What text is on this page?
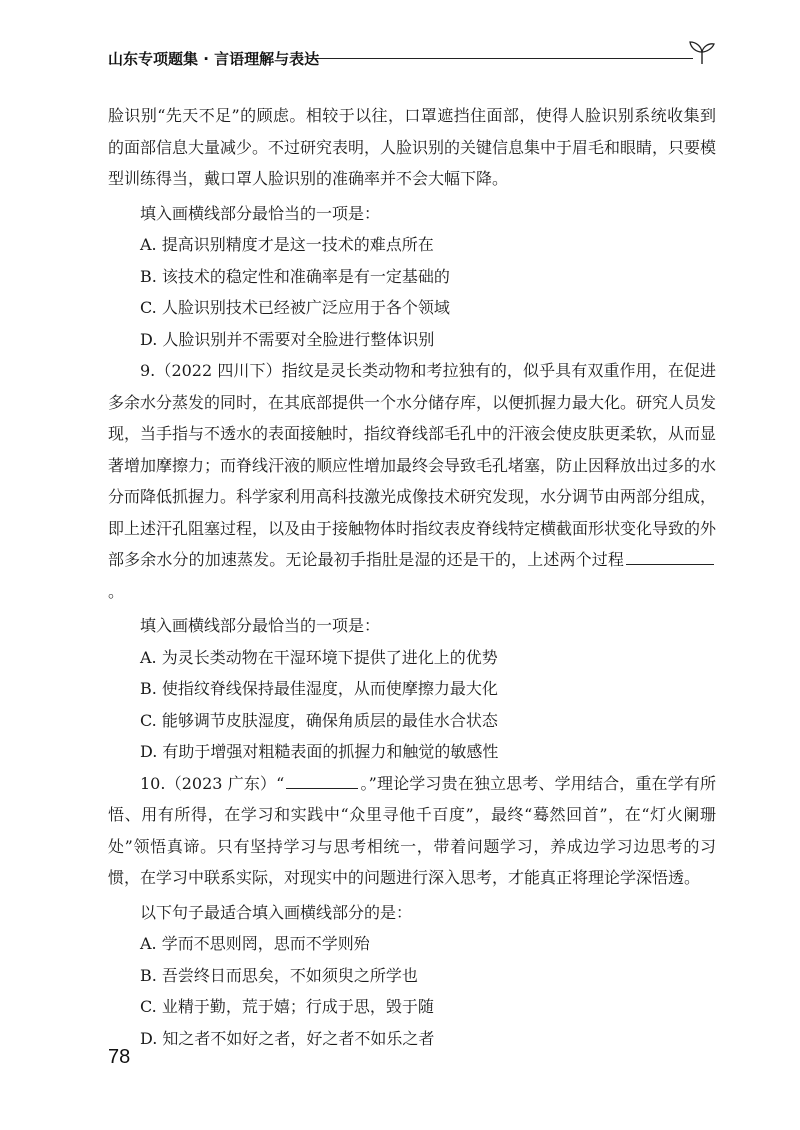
山东专项题集 · 言语理解与表达

脸识别“先天不足”的顾虑。相较于以往，口罩遮挡住面部，使得人脸识别系统收集到的面部信息大量减少。不过研究表明，人脸识别的关键信息集中于眉毛和眼睛，只要模型训练得当，戴口罩人脸识别的准确率并不会大幅下降。

填入画横线部分最恰当的一项是：

A. 提高识别精度才是这一技术的难点所在

B. 该技术的稳定性和准确率是有一定基础的

C. 人脸识别技术已经被广泛应用于各个领域

D. 人脸识别并不需要对全脸进行整体识别

9.（2022 四川下）指纹是灵长类动物和考拉独有的，似乎具有双重作用，在促进多余水分蒸发的同时，在其底部提供一个水分储存库，以便抓握力最大化。研究人员发现，当手指与不透水的表面接触时，指纹脊线部毛孔中的汗液会使皮肤更柔软，从而显著增加摩擦力；而脊线汗液的顺应性增加最终会导致毛孔堵塞，防止因释放出过多的水分而降低抓握力。科学家利用高科技激光成像技术研究发现，水分调节由两部分组成，即上述汗孔阻塞过程，以及由于接触物体时指纹表皮脊线特定横截面形状变化导致的外部多余水分的加速蒸发。无论最初手指肚是湿的还是干的，上述两个过程。

填入画横线部分最恰当的一项是：

A. 为灵长类动物在干湿环境下提供了进化上的优势

B. 使指纹脊线保持最佳湿度，从而使摩擦力最大化

C. 能够调节皮肤湿度，确保角质层的最佳水合状态

D. 有助于增强对粗糙表面的抓握力和触觉的敏感性

10.（2023 广东）“	。”理论学习贵在独立思考、学用结合，重在学有所悟、用有所得，在学习和实践中“众里寻他千百度”，最终“蓦然回首”，在“灯火阑珊处”领悟真谛。只有坚持学习与思考相统一，带着问题学习，养成边学习边思考的习惯，在学习中联系实际，对现实中的问题进行深入思考，才能真正将理论学深悟透。

以下句子最适合填入画横线部分的是：

A. 学而不思则罔，思而不学则殆

B. 吾尝终日而思矣，不如须臾之所学也

C. 业精于勤，荒于嬉；行成于思，毁于随

D. 知之者不如好之者，好之者不如乐之者

78
